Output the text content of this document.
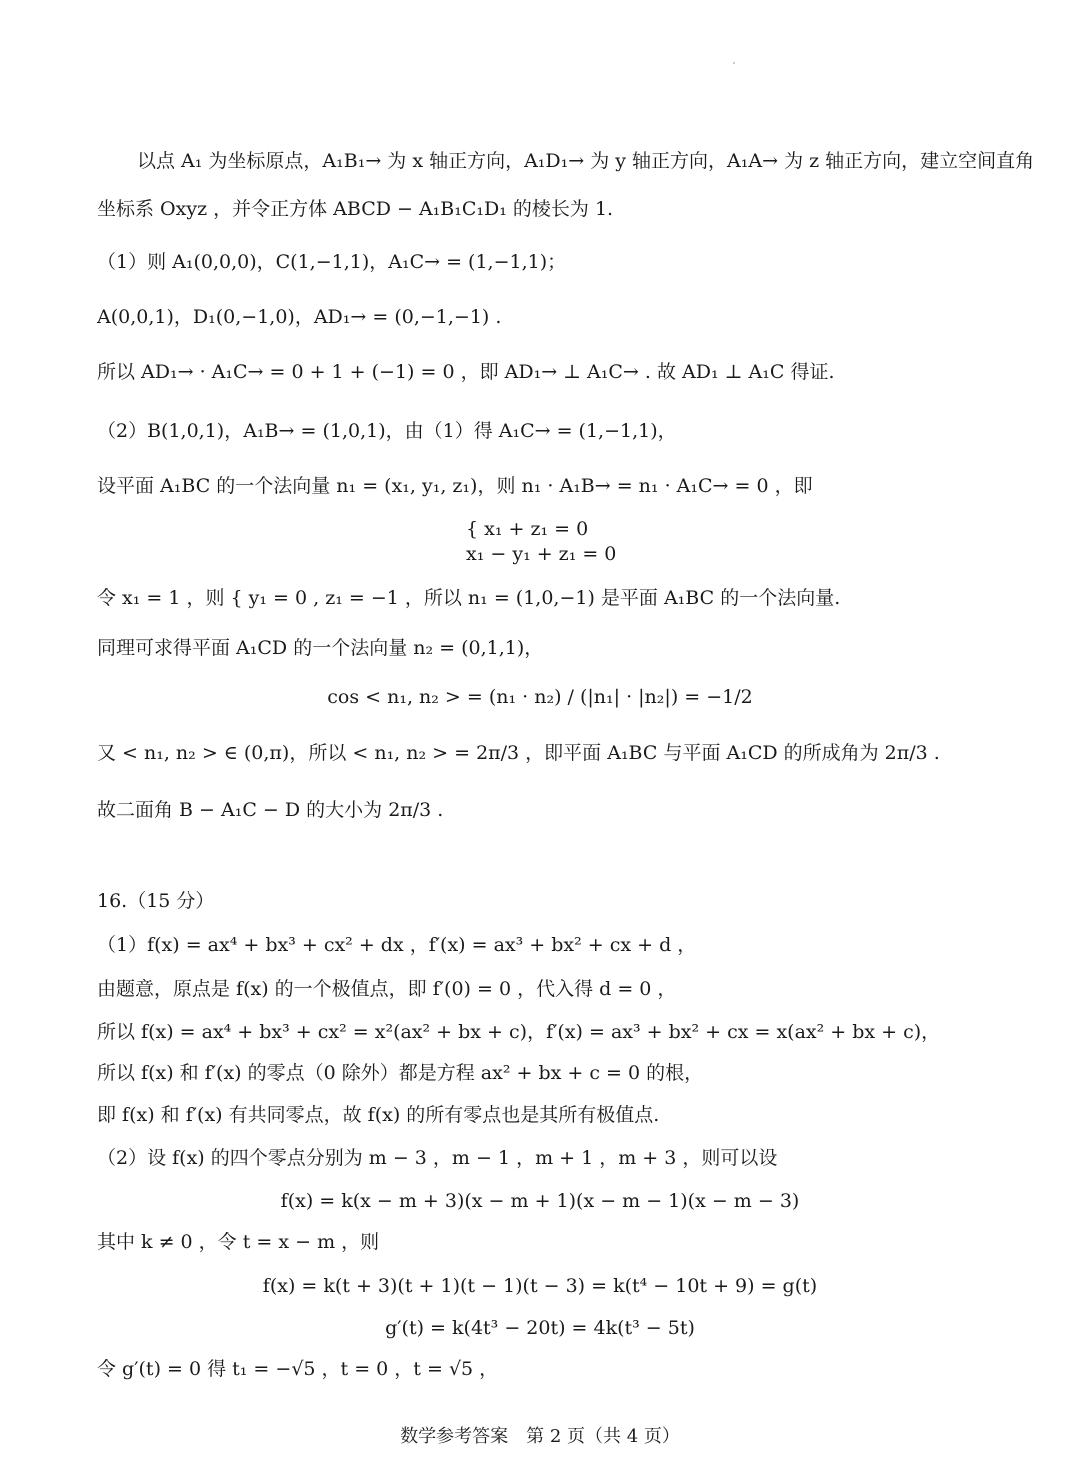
以点 A₁ 为坐标原点，A₁B₁→ 为 x 轴正方向，A₁D₁→ 为 y 轴正方向，A₁A→ 为 z 轴正方向，建立空间直角
坐标系 Oxyz ，并令正方体 ABCD − A₁B₁C₁D₁ 的棱长为 1.
（1）则 A₁(0,0,0)，C(1,−1,1)，A₁C→ = (1,−1,1)；
A(0,0,1)，D₁(0,−1,0)，AD₁→ = (0,−1,−1) .
所以 AD₁→ · A₁C→ = 0 + 1 + (−1) = 0 ，即 AD₁→ ⊥ A₁C→ . 故 AD₁ ⊥ A₁C 得证.
（2）B(1,0,1)，A₁B→ = (1,0,1)，由（1）得 A₁C→ = (1,−1,1)，
设平面 A₁BC 的一个法向量 n₁ = (x₁, y₁, z₁)，则 n₁ · A₁B→ = n₁ · A₁C→ = 0 ，即
{ x₁ + z₁ = 0
x₁ − y₁ + z₁ = 0
令 x₁ = 1 ，则 { y₁ = 0 , z₁ = −1 ，所以 n₁ = (1,0,−1) 是平面 A₁BC 的一个法向量.
同理可求得平面 A₁CD 的一个法向量 n₂ = (0,1,1)，
cos < n₁, n₂ > = (n₁ · n₂) / (|n₁| · |n₂|) = −1/2
又 < n₁, n₂ > ∈ (0,π)，所以 < n₁, n₂ > = 2π/3 ，即平面 A₁BC 与平面 A₁CD 的所成角为 2π/3 .
故二面角 B − A₁C − D 的大小为 2π/3 .
16.（15 分）
（1）f(x) = ax⁴ + bx³ + cx² + dx ，f′(x) = ax³ + bx² + cx + d ，
由题意，原点是 f(x) 的一个极值点，即 f′(0) = 0 ，代入得 d = 0 ，
所以 f(x) = ax⁴ + bx³ + cx² = x²(ax² + bx + c)，f′(x) = ax³ + bx² + cx = x(ax² + bx + c)，
所以 f(x) 和 f′(x) 的零点（0 除外）都是方程 ax² + bx + c = 0 的根，
即 f(x) 和 f′(x) 有共同零点，故 f(x) 的所有零点也是其所有极值点.
（2）设 f(x) 的四个零点分别为 m − 3 ，m − 1 ，m + 1 ，m + 3 ，则可以设
f(x) = k(x − m + 3)(x − m + 1)(x − m − 1)(x − m − 3)
其中 k ≠ 0 ，令 t = x − m ，则
f(x) = k(t + 3)(t + 1)(t − 1)(t − 3) = k(t⁴ − 10t + 9) = g(t)
g′(t) = k(4t³ − 20t) = 4k(t³ − 5t)
令 g′(t) = 0 得 t₁ = −√5 ，t = 0 ，t = √5 ，
数学参考答案　第 2 页（共 4 页）
